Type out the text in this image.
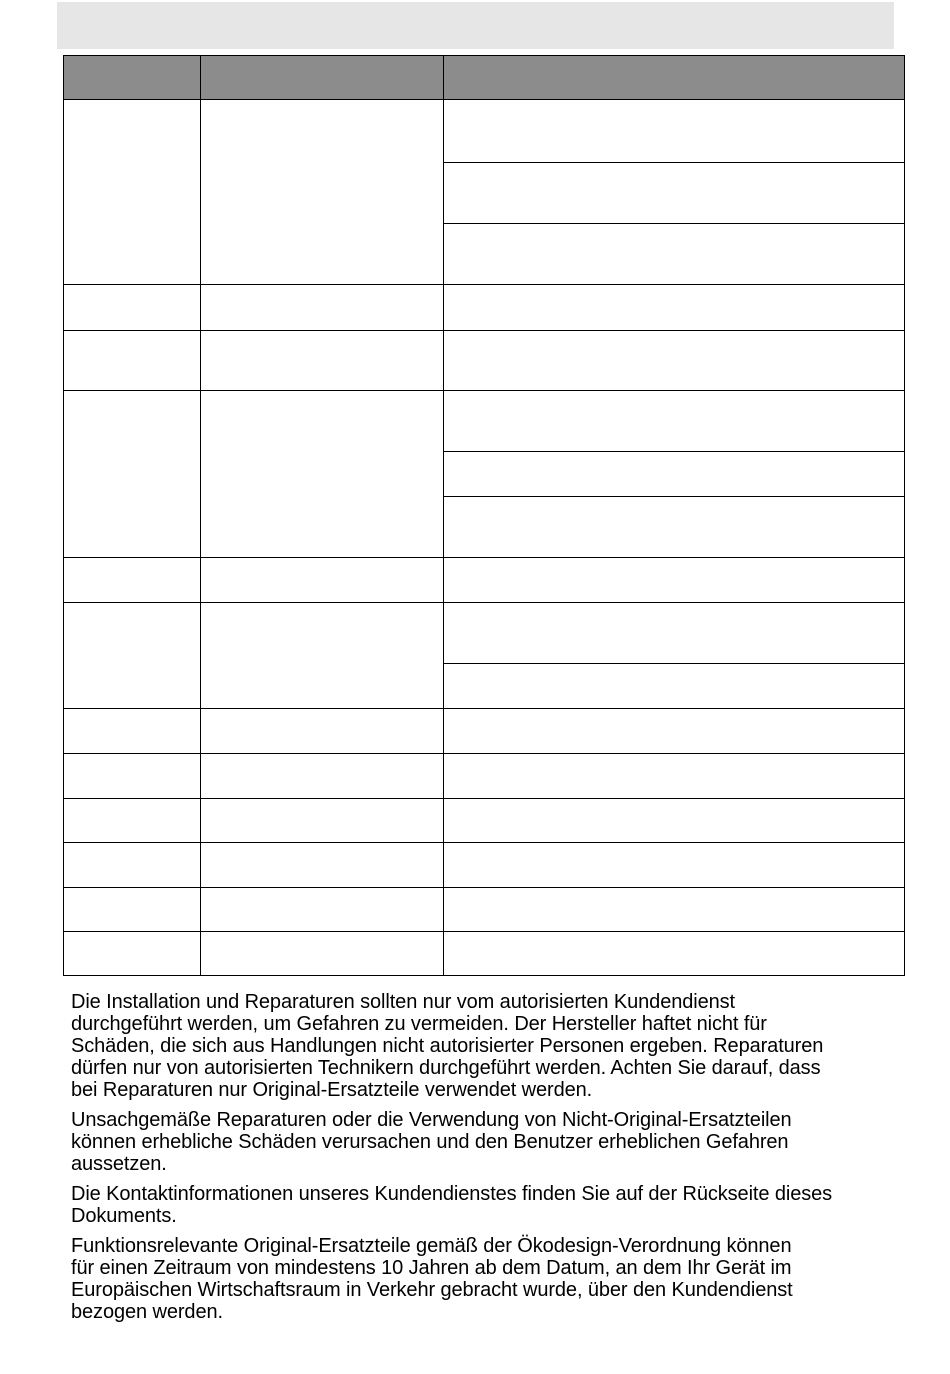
Die Installation und Reparaturen sollten nur vom autorisierten Kundendienst
durchgeführt werden, um Gefahren zu vermeiden. Der Hersteller haftet nicht für
Schäden, die sich aus Handlungen nicht autorisierter Personen ergeben. Reparaturen
dürfen nur von autorisierten Technikern durchgeführt werden. Achten Sie darauf, dass
bei Reparaturen nur Original-Ersatzteile verwendet werden.

Unsachgemäße Reparaturen oder die Verwendung von Nicht-Original-Ersatzteilen
können erhebliche Schäden verursachen und den Benutzer erheblichen Gefahren
aussetzen.

Die Kontaktinformationen unseres Kundendienstes finden Sie auf der Rückseite dieses
Dokuments.

Funktionsrelevante Original-Ersatzteile gemäß der Ökodesign-Verordnung können
für einen Zeitraum von mindestens 10 Jahren ab dem Datum, an dem Ihr Gerät im
Europäischen Wirtschaftsraum in Verkehr gebracht wurde, über den Kundendienst
bezogen werden.
